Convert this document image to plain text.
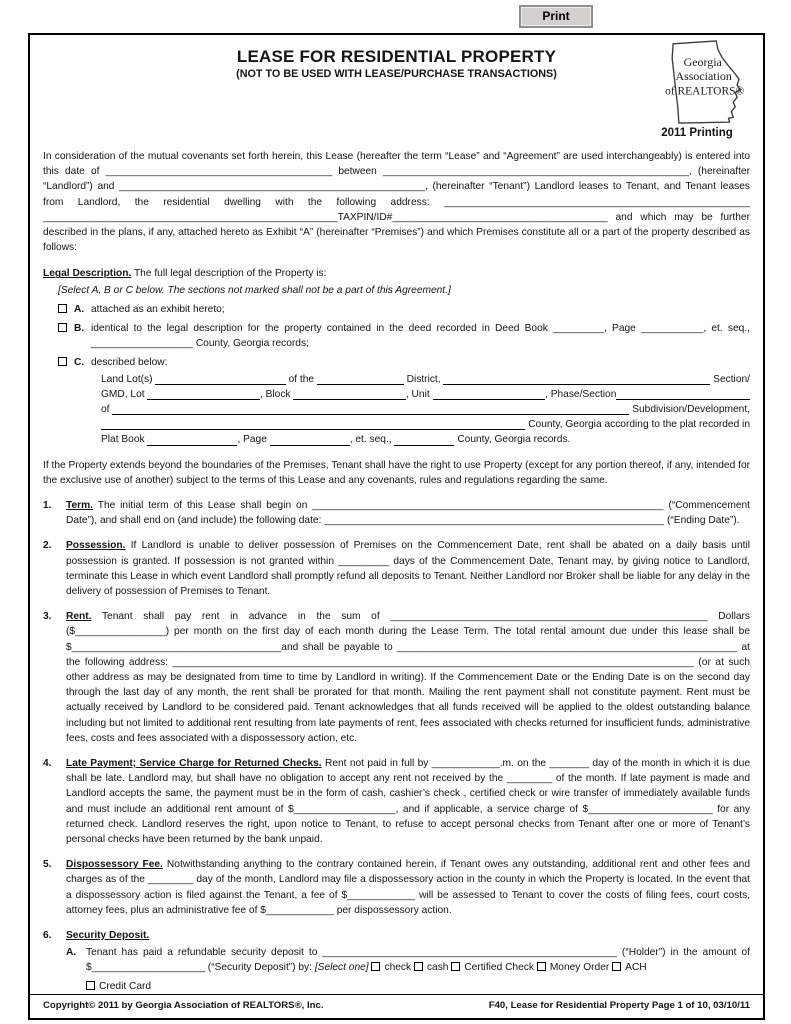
Print
LEASE FOR RESIDENTIAL PROPERTY
(NOT TO BE USED WITH LEASE/PURCHASE TRANSACTIONS)
Georgia
Association
of REALTORS®
2011 Printing
In consideration of the mutual covenants set forth herein, this Lease (hereafter the term “Lease” and “Agreement” are used interchangeably) is entered into this date of ________________________________________ between ______________________________________________________, (hereinafter “Landlord”) and ______________________________________________________, (hereinafter “Tenant”) Landlord leases to Tenant, and Tenant leases from Landlord, the residential dwelling with the following address: ______________________________________________________ ____________________________________________________TAXPIN/ID#______________________________________ and which may be further described in the plans, if any, attached hereto as Exhibit “A” (hereinafter “Premises”) and which Premises constitute all or a part of the property described as follows:
Legal Description. The full legal description of the Property is:
[Select A, B or C below. The sections not marked shall not be a part of this Agreement.]
A. attached as an exhibit hereto;
B. identical to the legal description for the property contained in the deed recorded in Deed Book _________, Page ___________, et. seq., __________________ County, Georgia records;
C. described below:
Land Lot(s)	of the	District,	Section/
GMD, Lot	, Block	, Unit	, Phase/Section
of	Subdivision/Development,
County, Georgia according to the plat recorded in
Plat Book	, Page	, et. seq.,	County, Georgia records.
If the Property extends beyond the boundaries of the Premises, Tenant shall have the right to use Property (except for any portion thereof, if any, intended for the exclusive use of another) subject to the terms of this Lease and any covenants, rules and regulations regarding the same.
1.	Term. The initial term of this Lease shall begin on ______________________________________________________________ (“Commencement Date”), and shall end on (and include) the following date: ____________________________________________________________ (“Ending Date”).
2.	Possession. If Landlord is unable to deliver possession of Premises on the Commencement Date, rent shall be abated on a daily basis until possession is granted. If possession is not granted within _________ days of the Commencement Date, Tenant may, by giving notice to Landlord, terminate this Lease in which event Landlord shall promptly refund all deposits to Tenant. Neither Landlord nor Broker shall be liable for any delay in the delivery of possession of Premises to Tenant.
3.	Rent. Tenant shall pay rent in advance in the sum of ________________________________________________________ Dollars ($________________) per month on the first day of each month during the Lease Term. The total rental amount due under this lease shall be $_____________________________________and shall be payable to ____________________________________________________________ at the following address: ____________________________________________________________________________________________ (or at such other address as may be designated from time to time by Landlord in writing). If the Commencement Date or the Ending Date is on the second day through the last day of any month, the rent shall be prorated for that month. Mailing the rent payment shall not constitute payment. Rent must be actually received by Landlord to be considered paid. Tenant acknowledges that all funds received will be applied to the oldest outstanding balance including but not limited to additional rent resulting from late payments of rent, fees associated with checks returned for insufficient funds, administrative fees, costs and fees associated with a dispossessory action, etc.
4.	Late Payment; Service Charge for Returned Checks. Rent not paid in full by ____________.m. on the _______ day of the month in which it is due shall be late. Landlord may, but shall have no obligation to accept any rent not received by the ________ of the month. If late payment is made and Landlord accepts the same, the payment must be in the form of cash, cashier’s check , certified check or wire transfer of immediately available funds and must include an additional rent amount of $__________________, and if applicable, a service charge of $______________________ for any returned check. Landlord reserves the right, upon notice to Tenant, to refuse to accept personal checks from Tenant after one or more of Tenant’s personal checks have been returned by the bank unpaid.
5.	Dispossessory Fee. Notwithstanding anything to the contrary contained herein, if Tenant owes any outstanding, additional rent and other fees and charges as of the ________ day of the month, Landlord may file a dispossessory action in the county in which the Property is located. In the event that a dispossessory action is filed against the Tenant, a fee of $____________ will be assessed to Tenant to cover the costs of filing fees, court costs, attorney fees, plus an administrative fee of $____________ per dispossessory action.
6.	Security Deposit.
A. Tenant has paid a refundable security deposit to ____________________________________________________ (“Holder”) in the amount of $____________________ (“Security Deposit”) by: [Select one] check cash Certified Check Money Order ACH
Credit Card
Copyright© 2011 by Georgia Association of REALTORS®, Inc.	F40, Lease for Residential Property Page 1 of 10, 03/10/11
